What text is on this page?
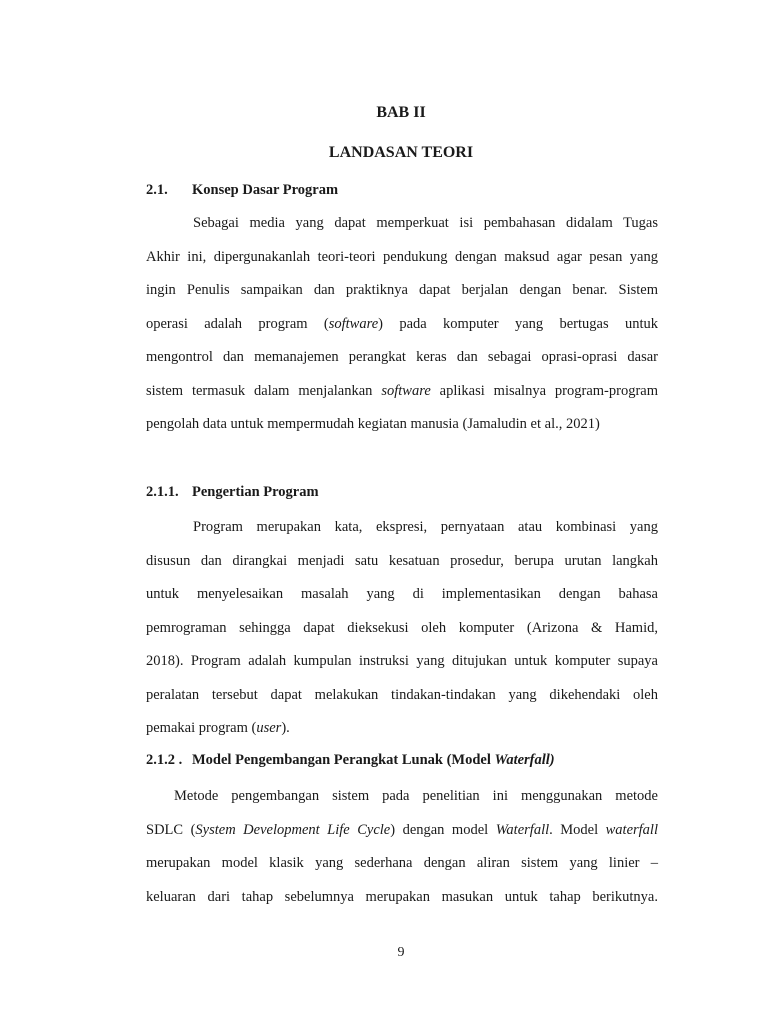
BAB II
LANDASAN TEORI
2.1. Konsep Dasar Program
Sebagai media yang dapat memperkuat isi pembahasan didalam Tugas
Akhir ini, dipergunakanlah teori-teori pendukung dengan maksud agar pesan yang
ingin Penulis sampaikan dan praktiknya dapat berjalan dengan benar. Sistem
operasi adalah program (software) pada komputer yang bertugas untuk
mengontrol dan memanajemen perangkat keras dan sebagai oprasi-oprasi dasar
sistem termasuk dalam menjalankan software aplikasi misalnya program-program
pengolah data untuk mempermudah kegiatan manusia (Jamaludin et al., 2021)
2.1.1. Pengertian Program
Program merupakan kata, ekspresi, pernyataan atau kombinasi yang
disusun dan dirangkai menjadi satu kesatuan prosedur, berupa urutan langkah
untuk menyelesaikan masalah yang di implementasikan dengan bahasa
pemrograman sehingga dapat dieksekusi oleh komputer (Arizona & Hamid,
2018). Program adalah kumpulan instruksi yang ditujukan untuk komputer supaya
peralatan tersebut dapat melakukan tindakan-tindakan yang dikehendaki oleh
pemakai program (user).
2.1.2 . Model Pengembangan Perangkat Lunak (Model Waterfall)
Metode pengembangan sistem pada penelitian ini menggunakan metode
SDLC (System Development Life Cycle) dengan model Waterfall. Model waterfall
merupakan model klasik yang sederhana dengan aliran sistem yang linier –
keluaran dari tahap sebelumnya merupakan masukan untuk tahap berikutnya.
9
